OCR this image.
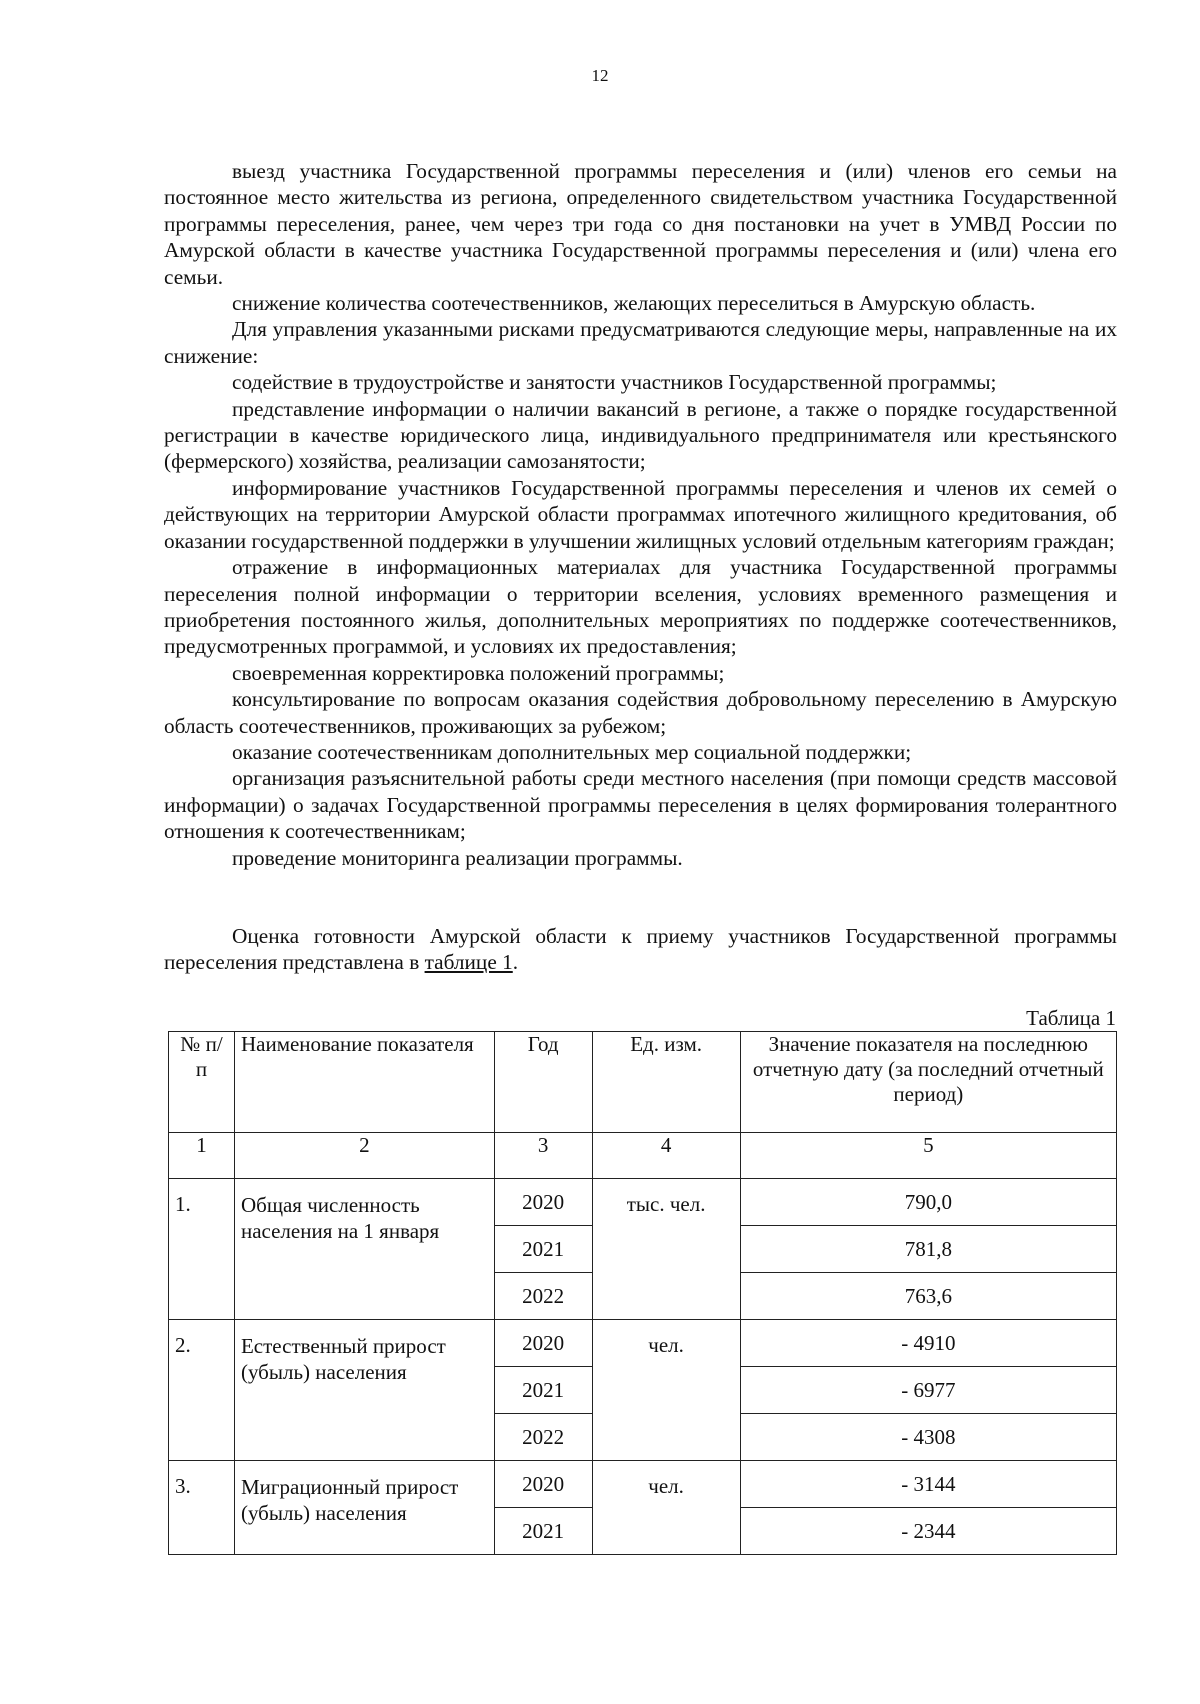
12

выезд участника Государственной программы переселения и (или) членов его семьи на постоянное место жительства из региона, определенного свидетельством участника Государственной программы переселения, ранее, чем через три года со дня постановки на учет в УМВД России по Амурской области в качестве участника Государственной программы переселения и (или) члена его семьи.

снижение количества соотечественников, желающих переселиться в Амурскую область.

Для управления указанными рисками предусматриваются следующие меры, направленные на их снижение:

содействие в трудоустройстве и занятости участников Государственной программы;

представление информации о наличии вакансий в регионе, а также о порядке государственной регистрации в качестве юридического лица, индивидуального предпринимателя или крестьянского (фермерского) хозяйства, реализации самозанятости;

информирование участников Государственной программы переселения и членов их семей о действующих на территории Амурской области программах ипотечного жилищного кредитования, об оказании государственной поддержки в улучшении жилищных условий отдельным категориям граждан;

отражение в информационных материалах для участника Государственной программы переселения полной информации о территории вселения, условиях временного размещения и приобретения постоянного жилья, дополнительных мероприятиях по поддержке соотечественников, предусмотренных программой, и условиях их предоставления;

своевременная корректировка положений программы;

консультирование по вопросам оказания содействия добровольному переселению в Амурскую область соотечественников, проживающих за рубежом;

оказание соотечественникам дополнительных мер социальной поддержки;

организация разъяснительной работы среди местного населения (при помощи средств массовой информации) о задачах Государственной программы переселения в целях формирования толерантного отношения к соотечественникам;

проведение мониторинга реализации программы.

Оценка готовности Амурской области к приему участников Государственной программы переселения представлена в таблице 1.

Таблица 1
№ п/п	Наименование показателя	Год	Ед. изм.	Значение показателя на последнюю отчетную дату (за последний отчетный период)
1	2	3	4	5
1.	Общая численность населения на 1 января	2020	тыс. чел.	790,0
		2021		781,8
		2022		763,6
2.	Естественный прирост (убыль) населения	2020	чел.	- 4910
		2021		- 6977
		2022		- 4308
3.	Миграционный прирост (убыль) населения	2020	чел.	- 3144
		2021		- 2344
